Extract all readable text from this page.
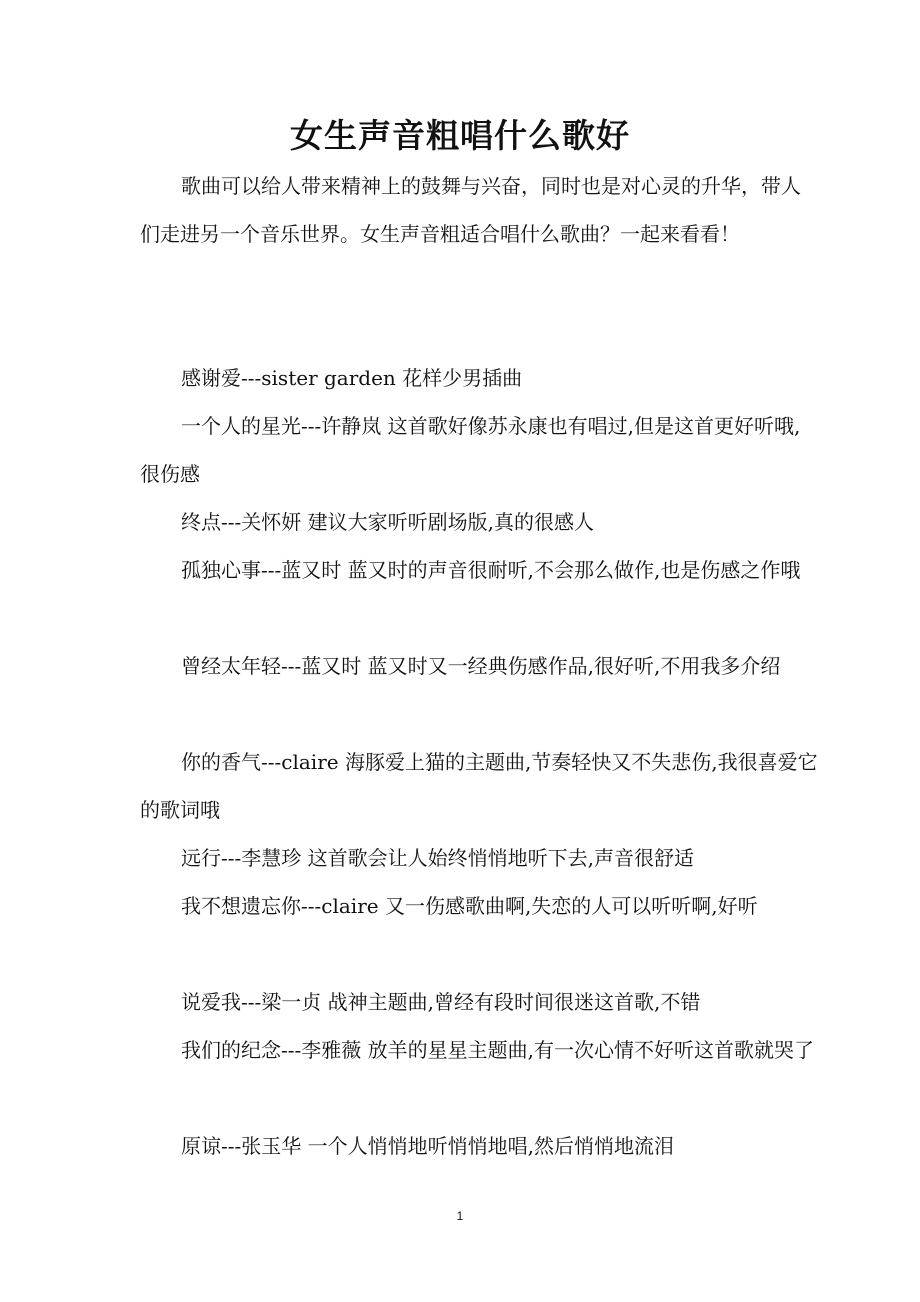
女生声音粗唱什么歌好

歌曲可以给人带来精神上的鼓舞与兴奋，同时也是对心灵的升华，带人们走进另一个音乐世界。女生声音粗适合唱什么歌曲？一起来看看！

感谢爱---sister garden 花样少男插曲

一个人的星光---许静岚 这首歌好像苏永康也有唱过,但是这首更好听哦,很伤感

终点---关怀妍 建议大家听听剧场版,真的很感人

孤独心事---蓝又时 蓝又时的声音很耐听,不会那么做作,也是伤感之作哦

曾经太年轻---蓝又时 蓝又时又一经典伤感作品,很好听,不用我多介绍

你的香气---claire 海豚爱上猫的主题曲,节奏轻快又不失悲伤,我很喜爱它的歌词哦

远行---李慧珍 这首歌会让人始终悄悄地听下去,声音很舒适

我不想遗忘你---claire 又一伤感歌曲啊,失恋的人可以听听啊,好听

说爱我---梁一贞 战神主题曲,曾经有段时间很迷这首歌,不错

我们的纪念---李雅薇 放羊的星星主题曲,有一次心情不好听这首歌就哭了

原谅---张玉华 一个人悄悄地听悄悄地唱,然后悄悄地流泪

1
